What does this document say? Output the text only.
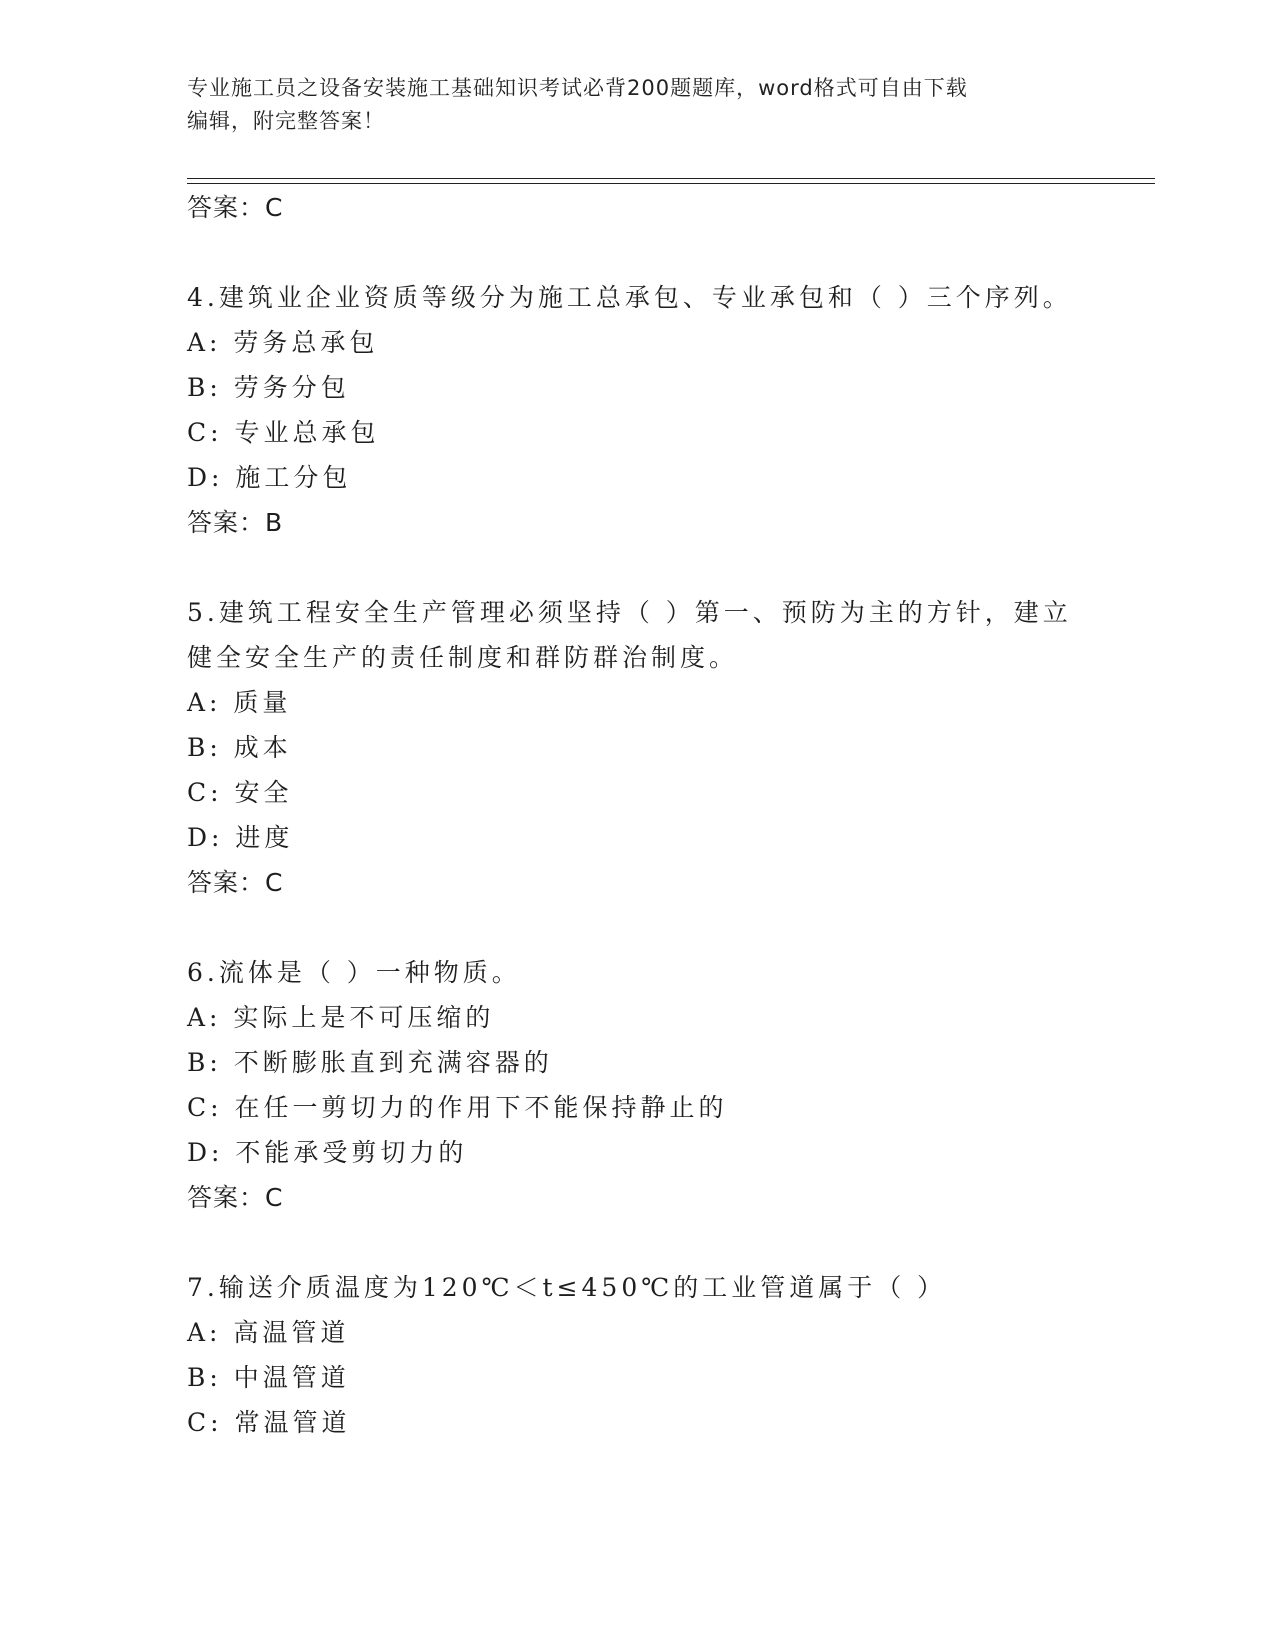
专业施工员之设备安装施工基础知识考试必背200题题库，word格式可自由下载
编辑，附完整答案！
答案：C
4.建筑业企业资质等级分为施工总承包、专业承包和（ ）三个序列。
A: 劳务总承包
B: 劳务分包
C: 专业总承包
D: 施工分包
答案：B
5.建筑工程安全生产管理必须坚持（ ）第一、预防为主的方针，建立
健全安全生产的责任制度和群防群治制度。
A: 质量
B: 成本
C: 安全
D: 进度
答案：C
6.流体是（ ）一种物质。
A: 实际上是不可压缩的
B: 不断膨胀直到充满容器的
C: 在任一剪切力的作用下不能保持静止的
D: 不能承受剪切力的
答案：C
7.输送介质温度为120℃＜t≤450℃的工业管道属于（ ）
A: 高温管道
B: 中温管道
C: 常温管道
